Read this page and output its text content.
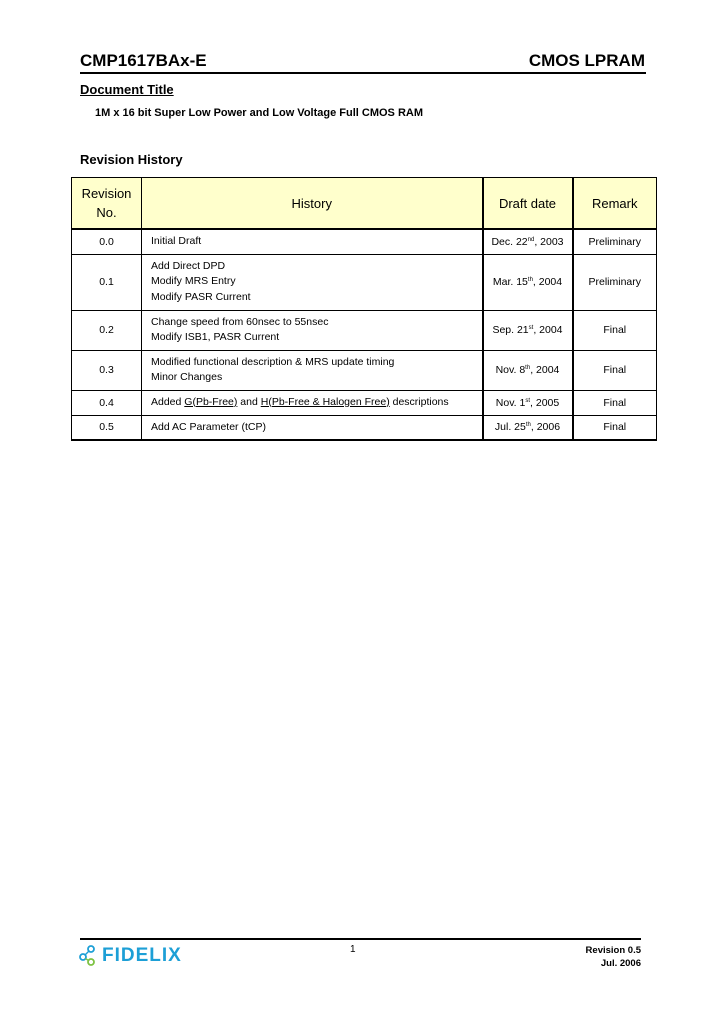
CMP1617BAx-E	CMOS LPRAM
Document Title
1M x 16 bit Super Low Power and Low Voltage Full CMOS RAM
Revision History
Revision
No.	History	Draft date	Remark
0.0	Initial Draft	Dec. 22nd, 2003	Preliminary
0.1	Add Direct DPD
Modify MRS Entry
Modify PASR Current	Mar. 15th, 2004	Preliminary
0.2	Change speed from 60nsec to 55nsec
Modify ISB1, PASR Current	Sep. 21st, 2004	Final
0.3	Modified functional description & MRS update timing
Minor Changes	Nov. 8th, 2004	Final
0.4	Added G(Pb-Free) and H(Pb-Free & Halogen Free) descriptions	Nov. 1st, 2005	Final
0.5	Add AC Parameter (tCP)	Jul. 25th, 2006	Final
FIDELIX	1	Revision 0.5
Jul. 2006
